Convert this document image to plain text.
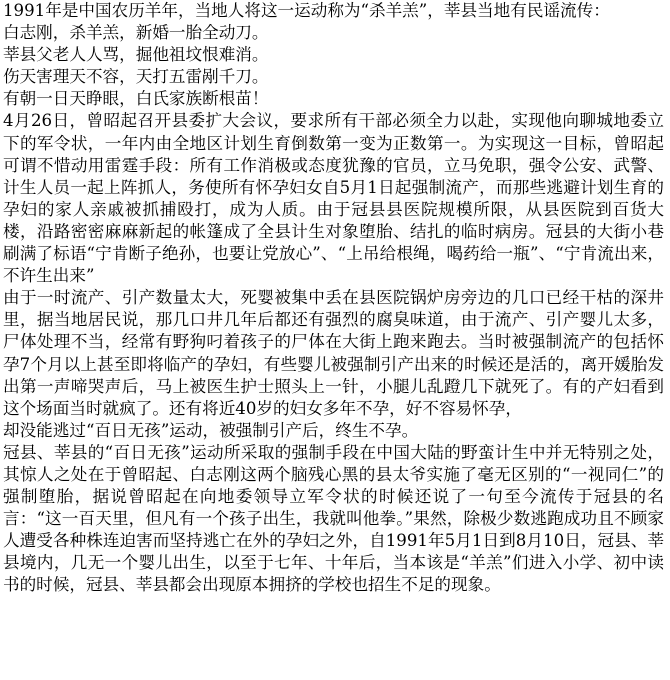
1991年是中国农历羊年，当地人将这一运动称为“杀羊羔”，莘县当地有民谣流传：

白志刚，杀羊羔，新婚一胎全动刀。

莘县父老人人骂，掘他祖坟恨难消。

伤天害理天不容，天打五雷剐千刀。

有朝一日天睁眼，白氏家族断根苗！

4月26日，曾昭起召开县委扩大会议，要求所有干部必须全力以赴，实现他向聊城地委立下的军令状，一年内由全地区计划生育倒数第一变为正数第一。为实现这一目标，曾昭起可谓不惜动用雷霆手段：所有工作消极或态度犹豫的官员，立马免职，强令公安、武警、计生人员一起上阵抓人，务使所有怀孕妇女自5月1日起强制流产，而那些逃避计划生育的孕妇的家人亲戚被抓捕殴打，成为人质。由于冠县县医院规模所限，从县医院到百货大楼，沿路密密麻麻新起的帐篷成了全县计生对象堕胎、结扎的临时病房。冠县的大街小巷刷满了标语“宁肯断子绝孙，也要让党放心”、“上吊给根绳，喝药给一瓶”、“宁肯流出来，不许生出来”

由于一时流产、引产数量太大，死婴被集中丢在县医院锅炉房旁边的几口已经干枯的深井里，据当地居民说，那几口井几年后都还有强烈的腐臭味道，由于流产、引产婴儿太多，尸体处理不当，经常有野狗叼着孩子的尸体在大街上跑来跑去。当时被强制流产的包括怀孕7个月以上甚至即将临产的孕妇，有些婴儿被强制引产出来的时候还是活的，离开媛胎发出第一声啼哭声后，马上被医生护士照头上一针，小腿儿乱蹬几下就死了。有的产妇看到这个场面当时就疯了。还有将近40岁的妇女多年不孕，好不容易怀孕，

却没能逃过“百日无孩”运动，被强制引产后，终生不孕。

冠县、莘县的“百日无孩”运动所采取的强制手段在中国大陆的野蛮计生中并无特别之处，其惊人之处在于曾昭起、白志刚这两个脑残心黑的县太爷实施了毫无区别的“一视同仁”的强制堕胎，据说曾昭起在向地委领导立军令状的时候还说了一句至今流传于冠县的名言：“这一百天里，但凡有一个孩子出生，我就叫他拳。”果然，除极少数逃跑成功且不顾家人遭受各种株连迫害而坚持逃亡在外的孕妇之外，自1991年5月1日到8月10日，冠县、莘县境内，几无一个婴儿出生，以至于七年、十年后，当本该是“羊羔”们进入小学、初中读书的时候，冠县、莘县都会出现原本拥挤的学校也招生不足的现象。
